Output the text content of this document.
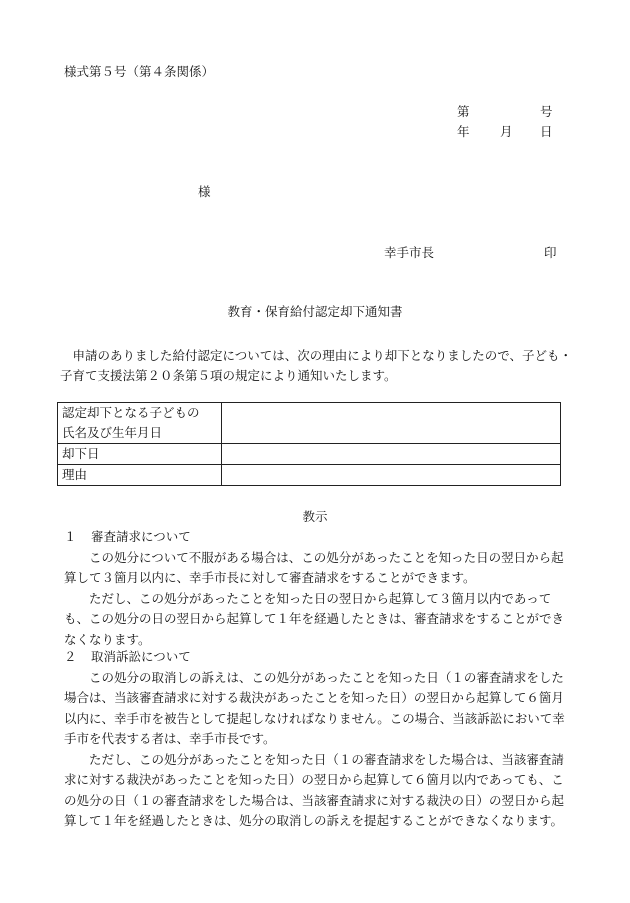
様式第５号（第４条関係）
第	号
年 月 日
様
幸手市長	印
教育・保育給付認定却下通知書
申請のありました給付認定については、次の理由により却下となりましたので、子ども・子育て支援法第２０条第５項の規定により通知いたします。
認定却下となる子どもの
氏名及び生年月日	
却下日	
理由	
教示
１ 審査請求について
この処分について不服がある場合は、この処分があったことを知った日の翌日から起算して３箇月以内に、幸手市長に対して審査請求をすることができます。
ただし、この処分があったことを知った日の翌日から起算して３箇月以内であっても、この処分の日の翌日から起算して１年を経過したときは、審査請求をすることができなくなります。
２ 取消訴訟について
この処分の取消しの訴えは、この処分があったことを知った日（１の審査請求をした場合は、当該審査請求に対する裁決があったことを知った日）の翌日から起算して６箇月以内に、幸手市を被告として提起しなければなりません。この場合、当該訴訟において幸手市を代表する者は、幸手市長です。
ただし、この処分があったことを知った日（１の審査請求をした場合は、当該審査請求に対する裁決があったことを知った日）の翌日から起算して６箇月以内であっても、この処分の日（１の審査請求をした場合は、当該審査請求に対する裁決の日）の翌日から起算して１年を経過したときは、処分の取消しの訴えを提起することができなくなります。
